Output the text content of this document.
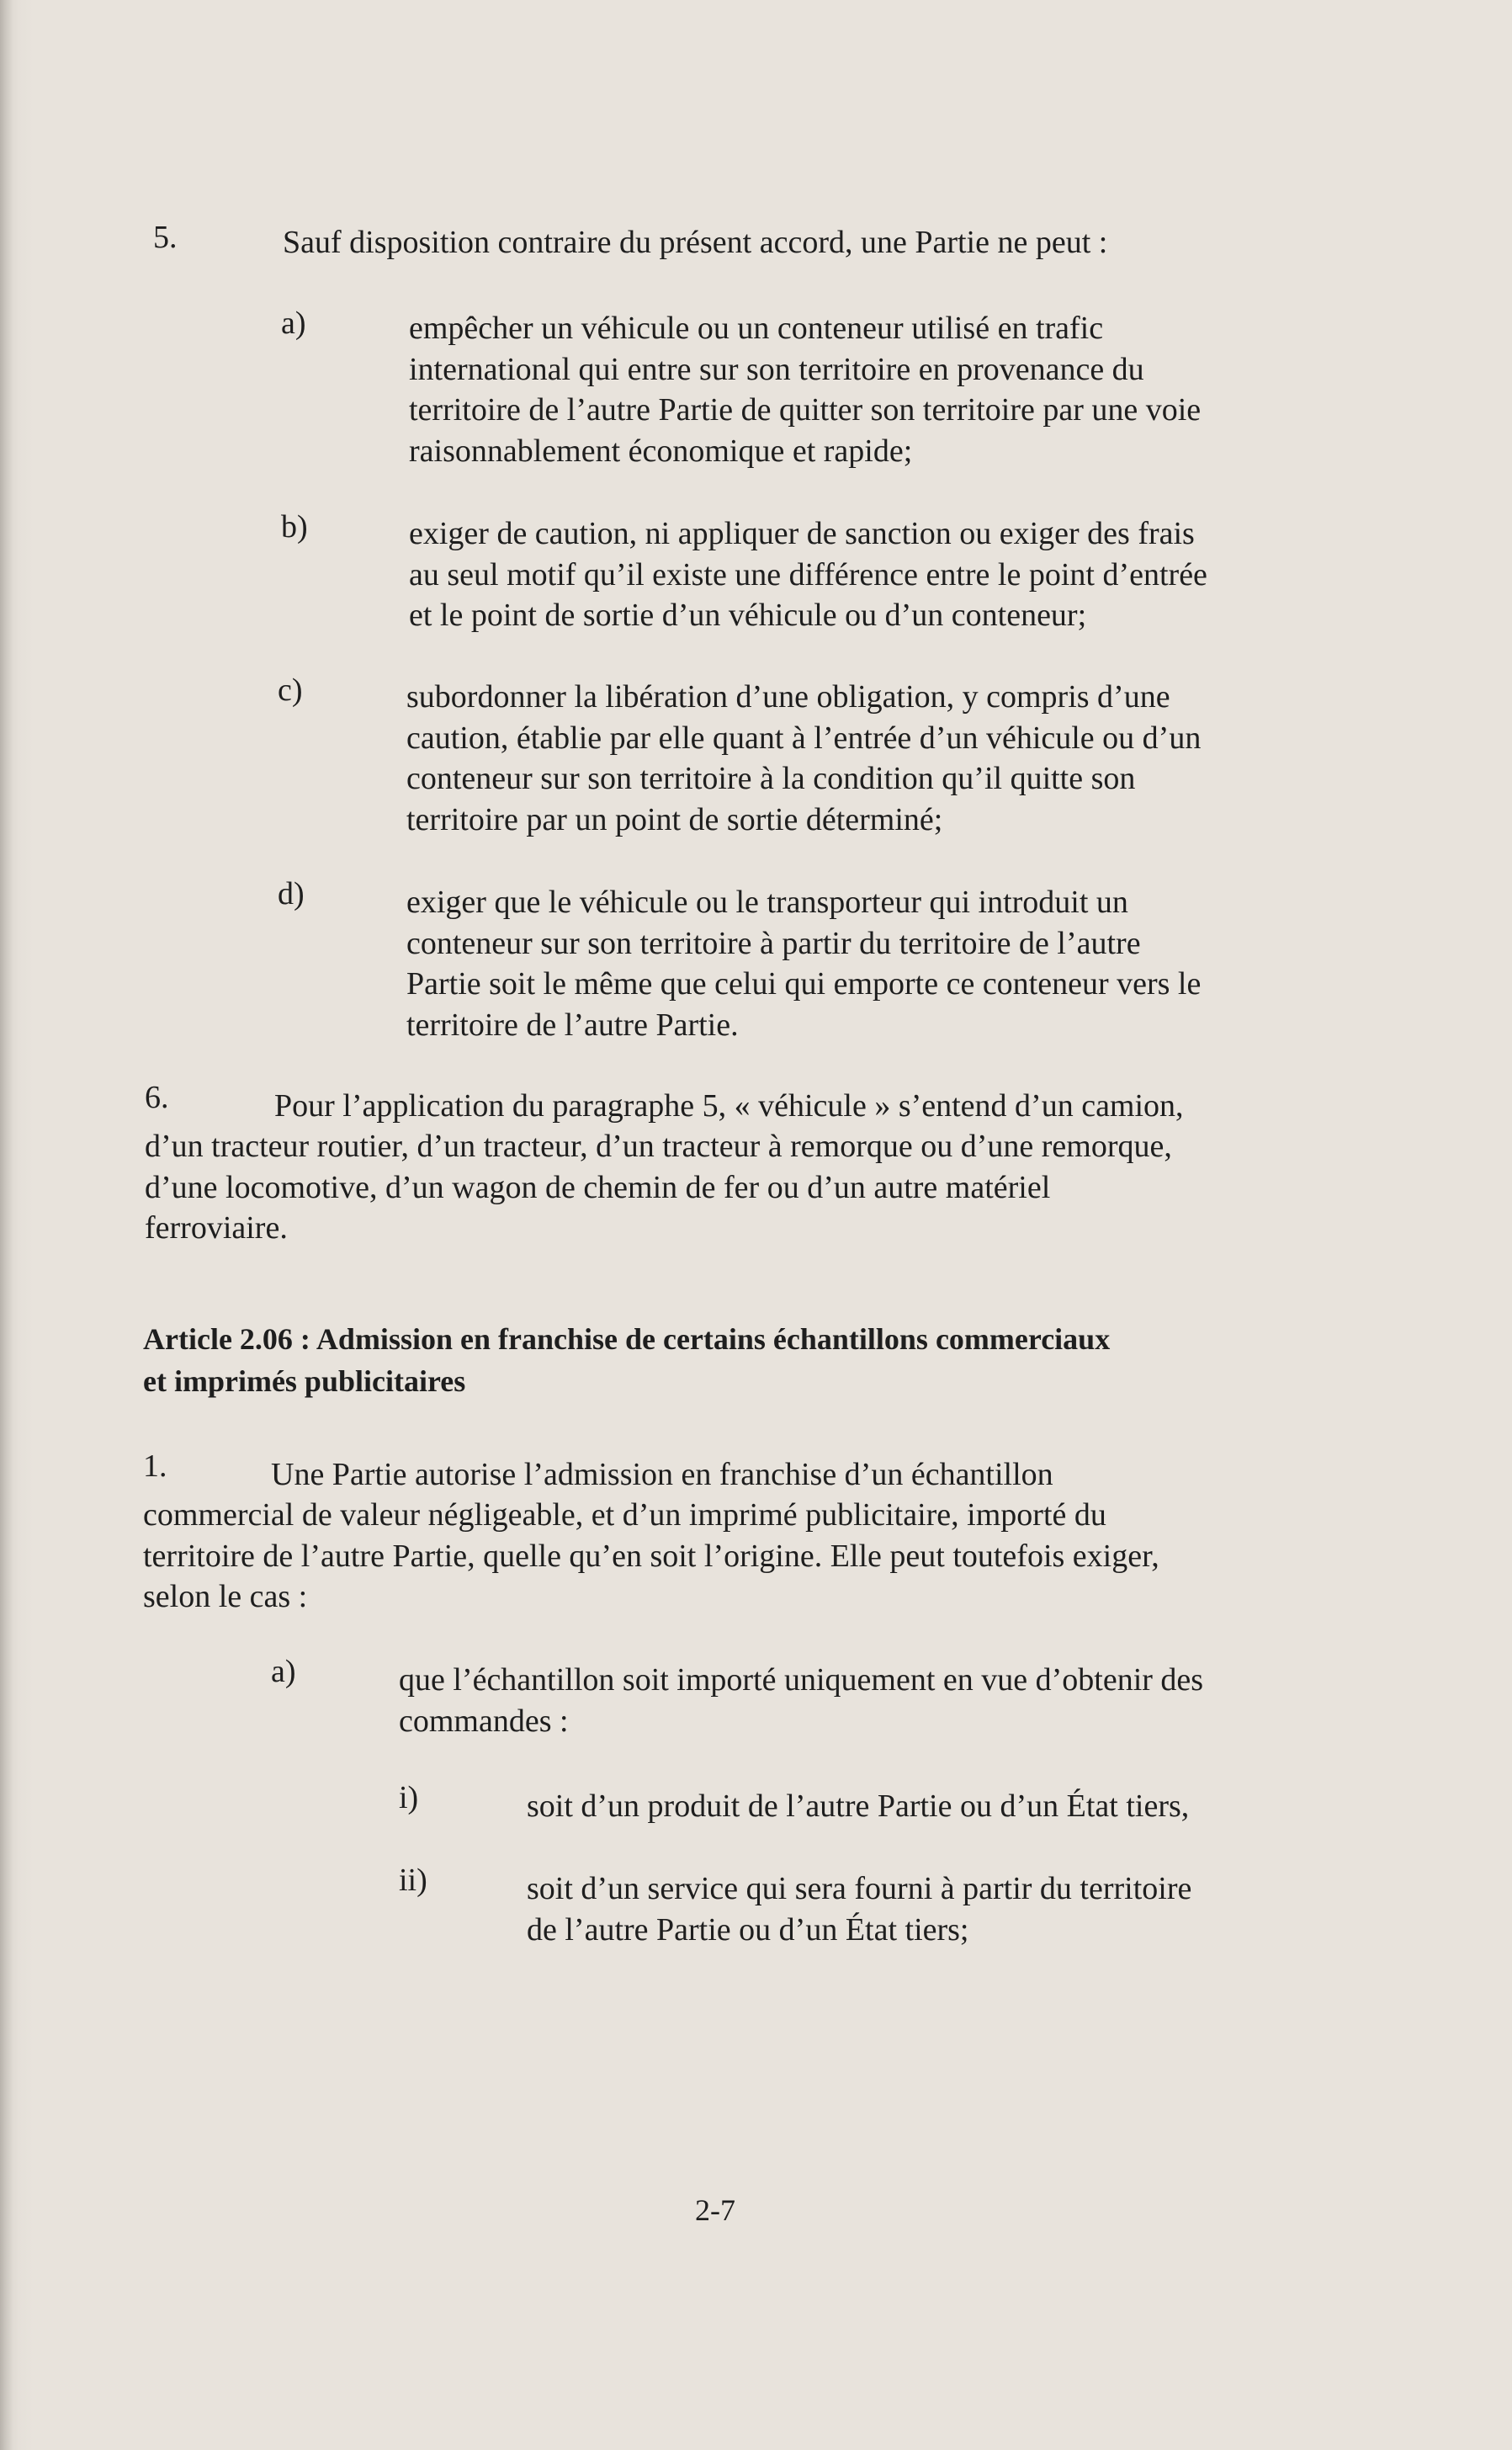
5.	Sauf disposition contraire du présent accord, une Partie ne peut :
a)	empêcher un véhicule ou un conteneur utilisé en trafic
international qui entre sur son territoire en provenance du
territoire de l’autre Partie de quitter son territoire par une voie
raisonnablement économique et rapide;
b)	exiger de caution, ni appliquer de sanction ou exiger des frais
au seul motif qu’il existe une différence entre le point d’entrée
et le point de sortie d’un véhicule ou d’un conteneur;
c)	subordonner la libération d’une obligation, y compris d’une
caution, établie par elle quant à l’entrée d’un véhicule ou d’un
conteneur sur son territoire à la condition qu’il quitte son
territoire par un point de sortie déterminé;
d)	exiger que le véhicule ou le transporteur qui introduit un
conteneur sur son territoire à partir du territoire de l’autre
Partie soit le même que celui qui emporte ce conteneur vers le
territoire de l’autre Partie.
6.	Pour l’application du paragraphe 5, « véhicule » s’entend d’un camion,
d’un tracteur routier, d’un tracteur, d’un tracteur à remorque ou d’une remorque,
d’une locomotive, d’un wagon de chemin de fer ou d’un autre matériel
ferroviaire.
Article 2.06 : Admission en franchise de certains échantillons commerciaux
et imprimés publicitaires
1.	Une Partie autorise l’admission en franchise d’un échantillon
commercial de valeur négligeable, et d’un imprimé publicitaire, importé du
territoire de l’autre Partie, quelle qu’en soit l’origine. Elle peut toutefois exiger,
selon le cas :
a)	que l’échantillon soit importé uniquement en vue d’obtenir des
commandes :
i)	soit d’un produit de l’autre Partie ou d’un État tiers,
ii)	soit d’un service qui sera fourni à partir du territoire
de l’autre Partie ou d’un État tiers;
2-7
